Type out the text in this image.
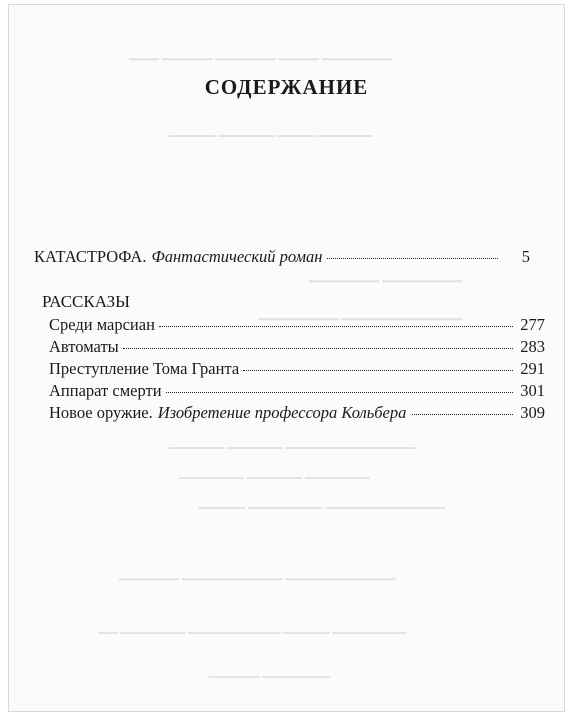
▁▁▁ ▁▁▁▁▁ ▁▁▁▁▁▁ ▁▁▁▁ ▁▁▁▁▁▁▁
▁▁▁▁▁ ▁▁▁▁▁▁ ▁▁▁▁ ▁▁▁▁▁▁
▁▁▁▁▁▁▁ ▁▁▁▁▁▁▁▁
▁▁▁▁▁▁▁▁ ▁▁▁▁▁▁▁▁▁▁▁▁
▁▁▁▁▁▁ ▁▁▁▁▁▁ ▁▁▁▁▁▁▁▁▁▁▁▁▁▁
▁▁▁▁▁▁▁ ▁▁▁▁▁▁ ▁▁▁▁▁▁▁
▁▁▁▁▁ ▁▁▁▁▁▁▁▁ ▁▁▁▁▁▁▁▁▁▁▁▁▁
▁▁▁▁▁▁ ▁▁▁▁▁▁▁▁▁▁ ▁▁▁▁▁▁▁▁▁▁▁
▁▁ ▁▁▁▁▁▁▁ ▁▁▁▁▁▁▁▁▁▁ ▁▁▁▁▁ ▁▁▁▁▁▁▁▁
▁▁▁▁▁▁ ▁▁▁▁▁▁▁▁
СОДЕРЖАНИЕ
КАТАСТРОФА. Фантастический роман	5
РАССКАЗЫ
Среди марсиан	277
Автоматы	283
Преступление Тома Гранта	291
Аппарат смерти	301
Новое оружие. Изобретение профессора Кольбера	309
